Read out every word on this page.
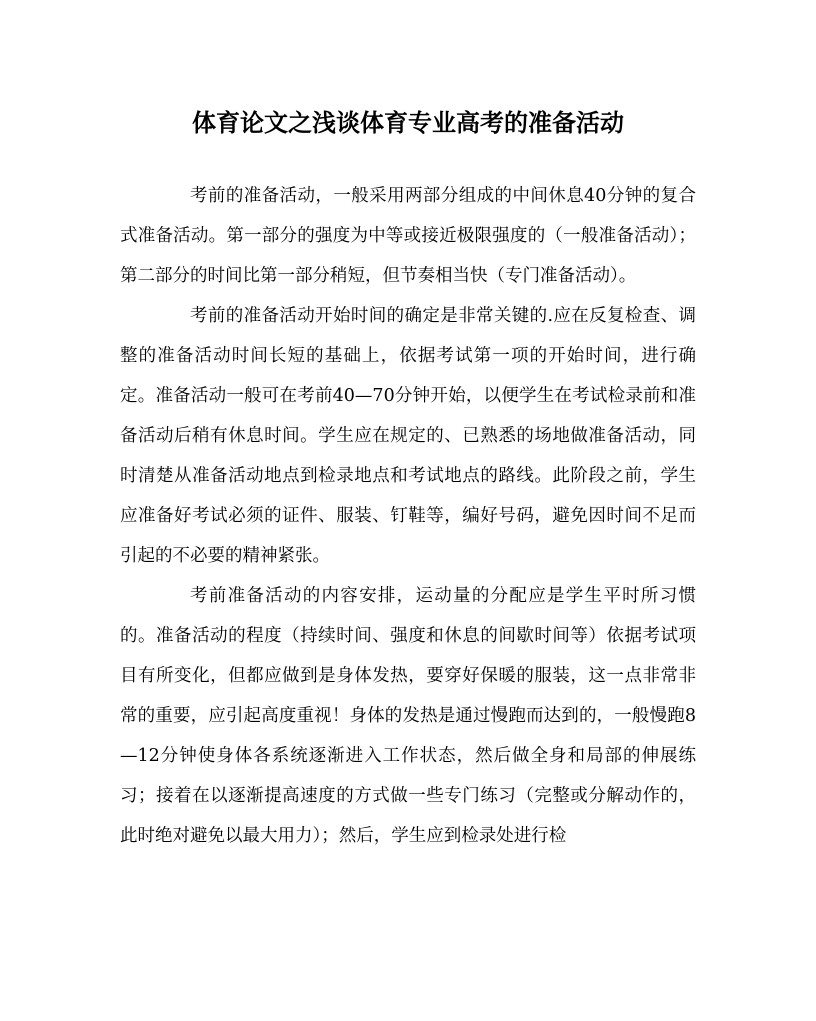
体育论文之浅谈体育专业高考的准备活动

考前的准备活动，一般采用两部分组成的中间休息40分钟的复合式准备活动。第一部分的强度为中等或接近极限强度的（一般准备活动）；第二部分的时间比第一部分稍短，但节奏相当快（专门准备活动）。

考前的准备活动开始时间的确定是非常关键的.应在反复检查、调整的准备活动时间长短的基础上，依据考试第一项的开始时间，进行确定。准备活动一般可在考前40—70分钟开始，以便学生在考试检录前和准备活动后稍有休息时间。学生应在规定的、已熟悉的场地做准备活动，同时清楚从准备活动地点到检录地点和考试地点的路线。此阶段之前，学生应准备好考试必须的证件、服装、钉鞋等，编好号码，避免因时间不足而引起的不必要的精神紧张。

考前准备活动的内容安排，运动量的分配应是学生平时所习惯的。准备活动的程度（持续时间、强度和休息的间歇时间等）依据考试项目有所变化，但都应做到是身体发热，要穿好保暖的服装，这一点非常非常的重要，应引起高度重视！身体的发热是通过慢跑而达到的，一般慢跑8—12分钟使身体各系统逐渐进入工作状态，然后做全身和局部的伸展练习；接着在以逐渐提高速度的方式做一些专门练习（完整或分解动作的，此时绝对避免以最大用力）；然后，学生应到检录处进行检
